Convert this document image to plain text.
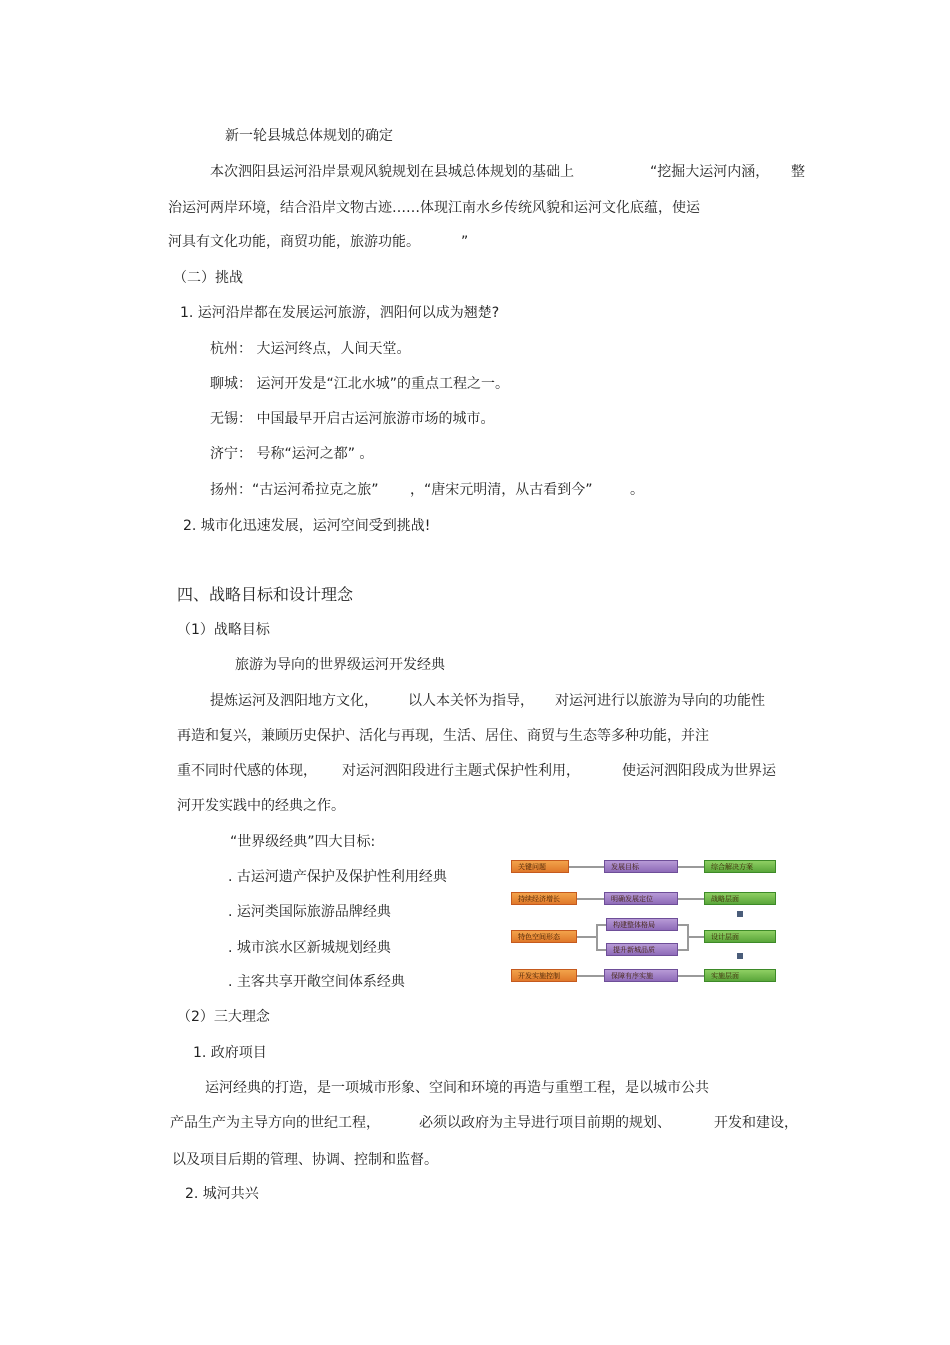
新一轮县城总体规划的确定
本次泗阳县运河沿岸景观风貌规划在县城总体规划的基础上	“挖掘大运河内涵， 整
治运河两岸环境，结合沿岸文物古迹……体现江南水乡传统风貌和运河文化底蕴，使运
河具有文化功能，商贸功能，旅游功能。	”
（二）挑战
1. 运河沿岸都在发展运河旅游，泗阳何以成为翘楚?
杭州： 大运河终点，人间天堂。
聊城： 运河开发是“江北水城”的重点工程之一。
无锡： 中国最早开启古运河旅游市场的城市。
济宁： 号称“运河之都” 。
扬州：“古运河希拉克之旅” ，“唐宋元明清，从古看到今”	。
2. 城市化迅速发展，运河空间受到挑战!
四、战略目标和设计理念
（1）战略目标
旅游为导向的世界级运河开发经典
提炼运河及泗阳地方文化， 以人本关怀为指导， 对运河进行以旅游为导向的功能性
再造和复兴，兼顾历史保护、活化与再现，生活、居住、商贸与生态等多种功能，并注
重不同时代感的体现， 对运河泗阳段进行主题式保护性利用，	使运河泗阳段成为世界运
河开发实践中的经典之作。
“世界级经典”四大目标:
. 古运河遗产保护及保护性利用经典
. 运河类国际旅游品牌经典
. 城市滨水区新城规划经典
. 主客共享开敞空间体系经典
（2）三大理念
1. 政府项目
运河经典的打造，是一项城市形象、空间和环境的再造与重塑工程，是以城市公共
产品生产为主导方向的世纪工程，	必须以政府为主导进行项目前期的规划、	开发和建设，
以及项目后期的管理、协调、控制和监督。
2. 城河共兴
关键问题
持续经济增长
特色空间形态
开发实施控制
发展目标
明确发展定位
构建整体格局
提升新城品质
保障有序实施
综合解决方案
战略层面
设计层面
实施层面
